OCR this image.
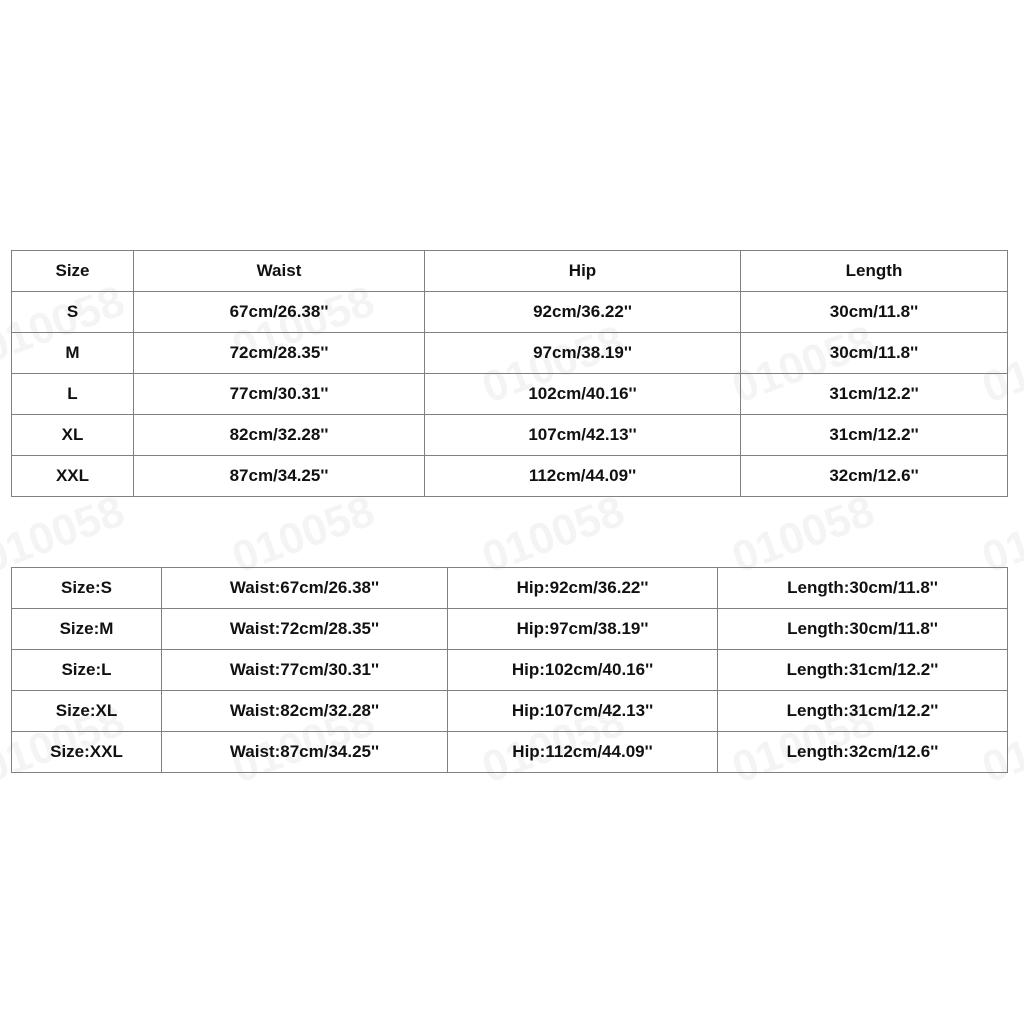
Size	Waist	Hip	Length
S	67cm/26.38''	92cm/36.22''	30cm/11.8''
M	72cm/28.35''	97cm/38.19''	30cm/11.8''
L	77cm/30.31''	102cm/40.16''	31cm/12.2''
XL	82cm/32.28''	107cm/42.13''	31cm/12.2''
XXL	87cm/34.25''	112cm/44.09''	32cm/12.6''
Size:S	Waist:67cm/26.38''	Hip:92cm/36.22''	Length:30cm/11.8''
Size:M	Waist:72cm/28.35''	Hip:97cm/38.19''	Length:30cm/11.8''
Size:L	Waist:77cm/30.31''	Hip:102cm/40.16''	Length:31cm/12.2''
Size:XL	Waist:82cm/32.28''	Hip:107cm/42.13''	Length:31cm/12.2''
Size:XXL	Waist:87cm/34.25''	Hip:112cm/44.09''	Length:32cm/12.6''
